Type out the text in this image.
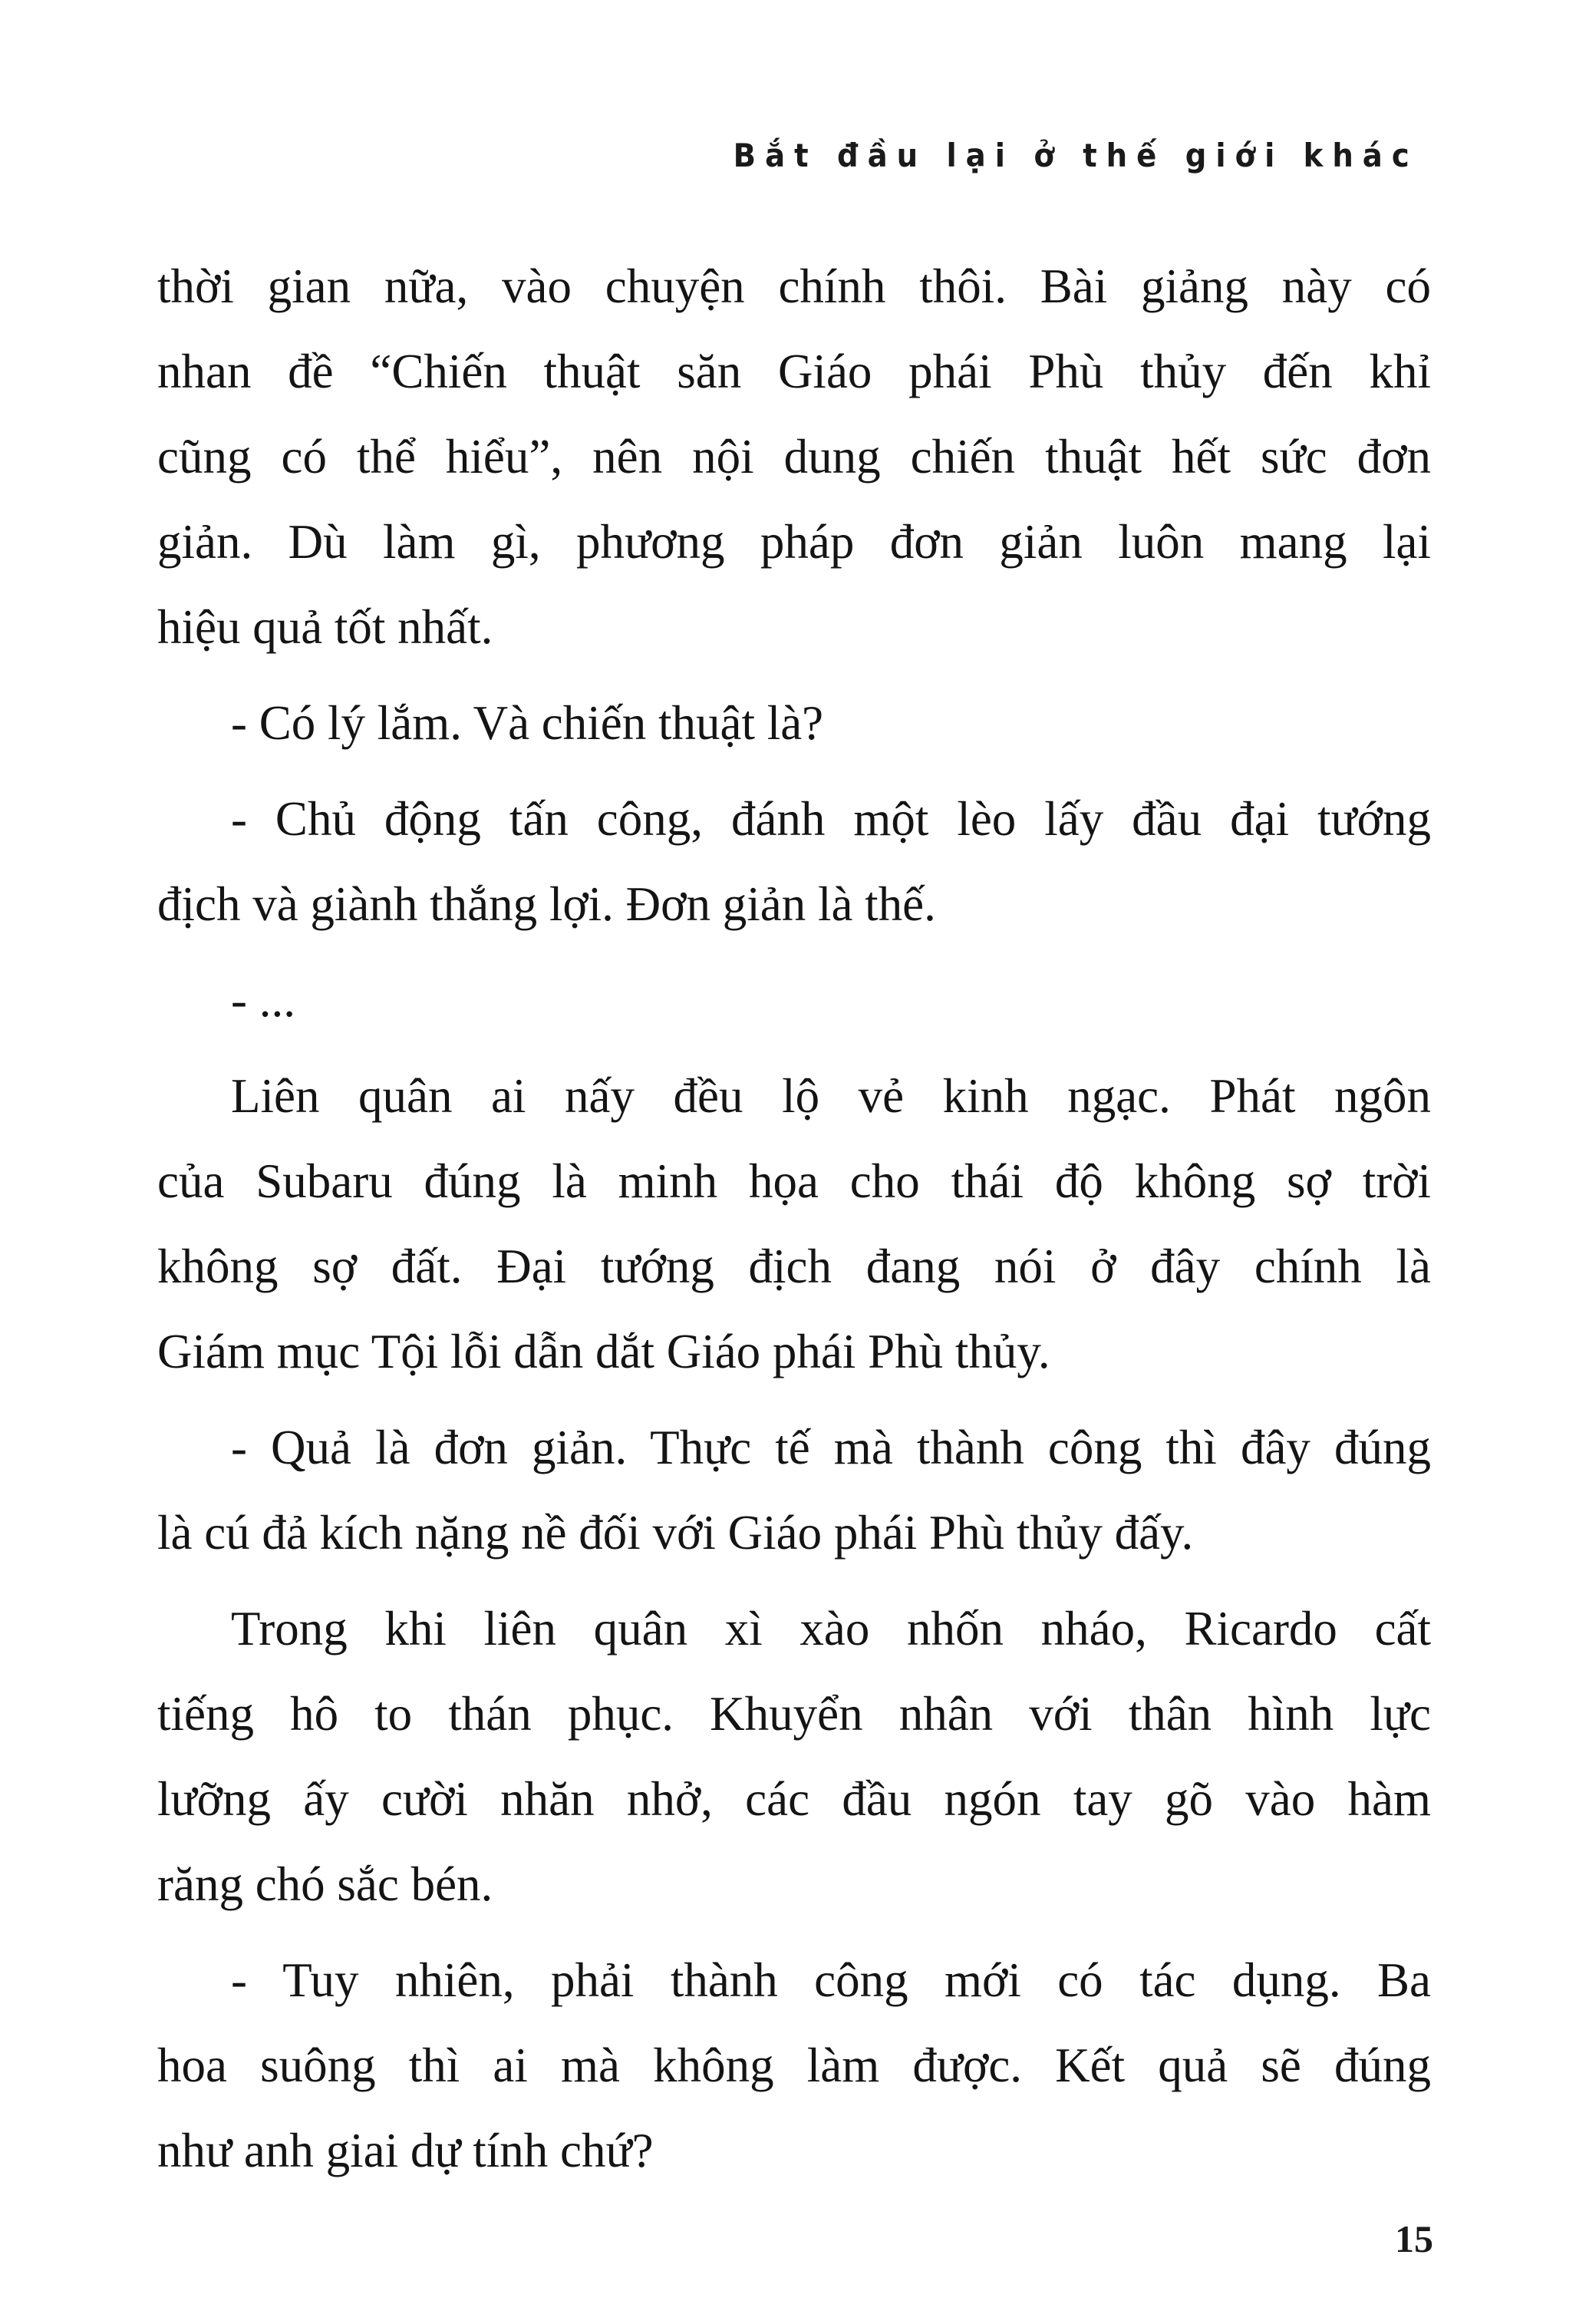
Bắt đầu lại ở thế giới khác
thời gian nữa, vào chuyện chính thôi. Bài giảng này có
nhan đề “Chiến thuật săn Giáo phái Phù thủy đến khỉ
cũng có thể hiểu”, nên nội dung chiến thuật hết sức đơn
giản. Dù làm gì, phương pháp đơn giản luôn mang lại
hiệu quả tốt nhất.
- Có lý lắm. Và chiến thuật là?
- Chủ động tấn công, đánh một lèo lấy đầu đại tướng
địch và giành thắng lợi. Đơn giản là thế.
- ...
Liên quân ai nấy đều lộ vẻ kinh ngạc. Phát ngôn
của Subaru đúng là minh họa cho thái độ không sợ trời
không sợ đất. Đại tướng địch đang nói ở đây chính là
Giám mục Tội lỗi dẫn dắt Giáo phái Phù thủy.
- Quả là đơn giản. Thực tế mà thành công thì đây đúng
là cú đả kích nặng nề đối với Giáo phái Phù thủy đấy.
Trong khi liên quân xì xào nhốn nháo, Ricardo cất
tiếng hô to thán phục. Khuyển nhân với thân hình lực
lưỡng ấy cười nhăn nhở, các đầu ngón tay gõ vào hàm
răng chó sắc bén.
- Tuy nhiên, phải thành công mới có tác dụng. Ba
hoa suông thì ai mà không làm được. Kết quả sẽ đúng
như anh giai dự tính chứ?
15
